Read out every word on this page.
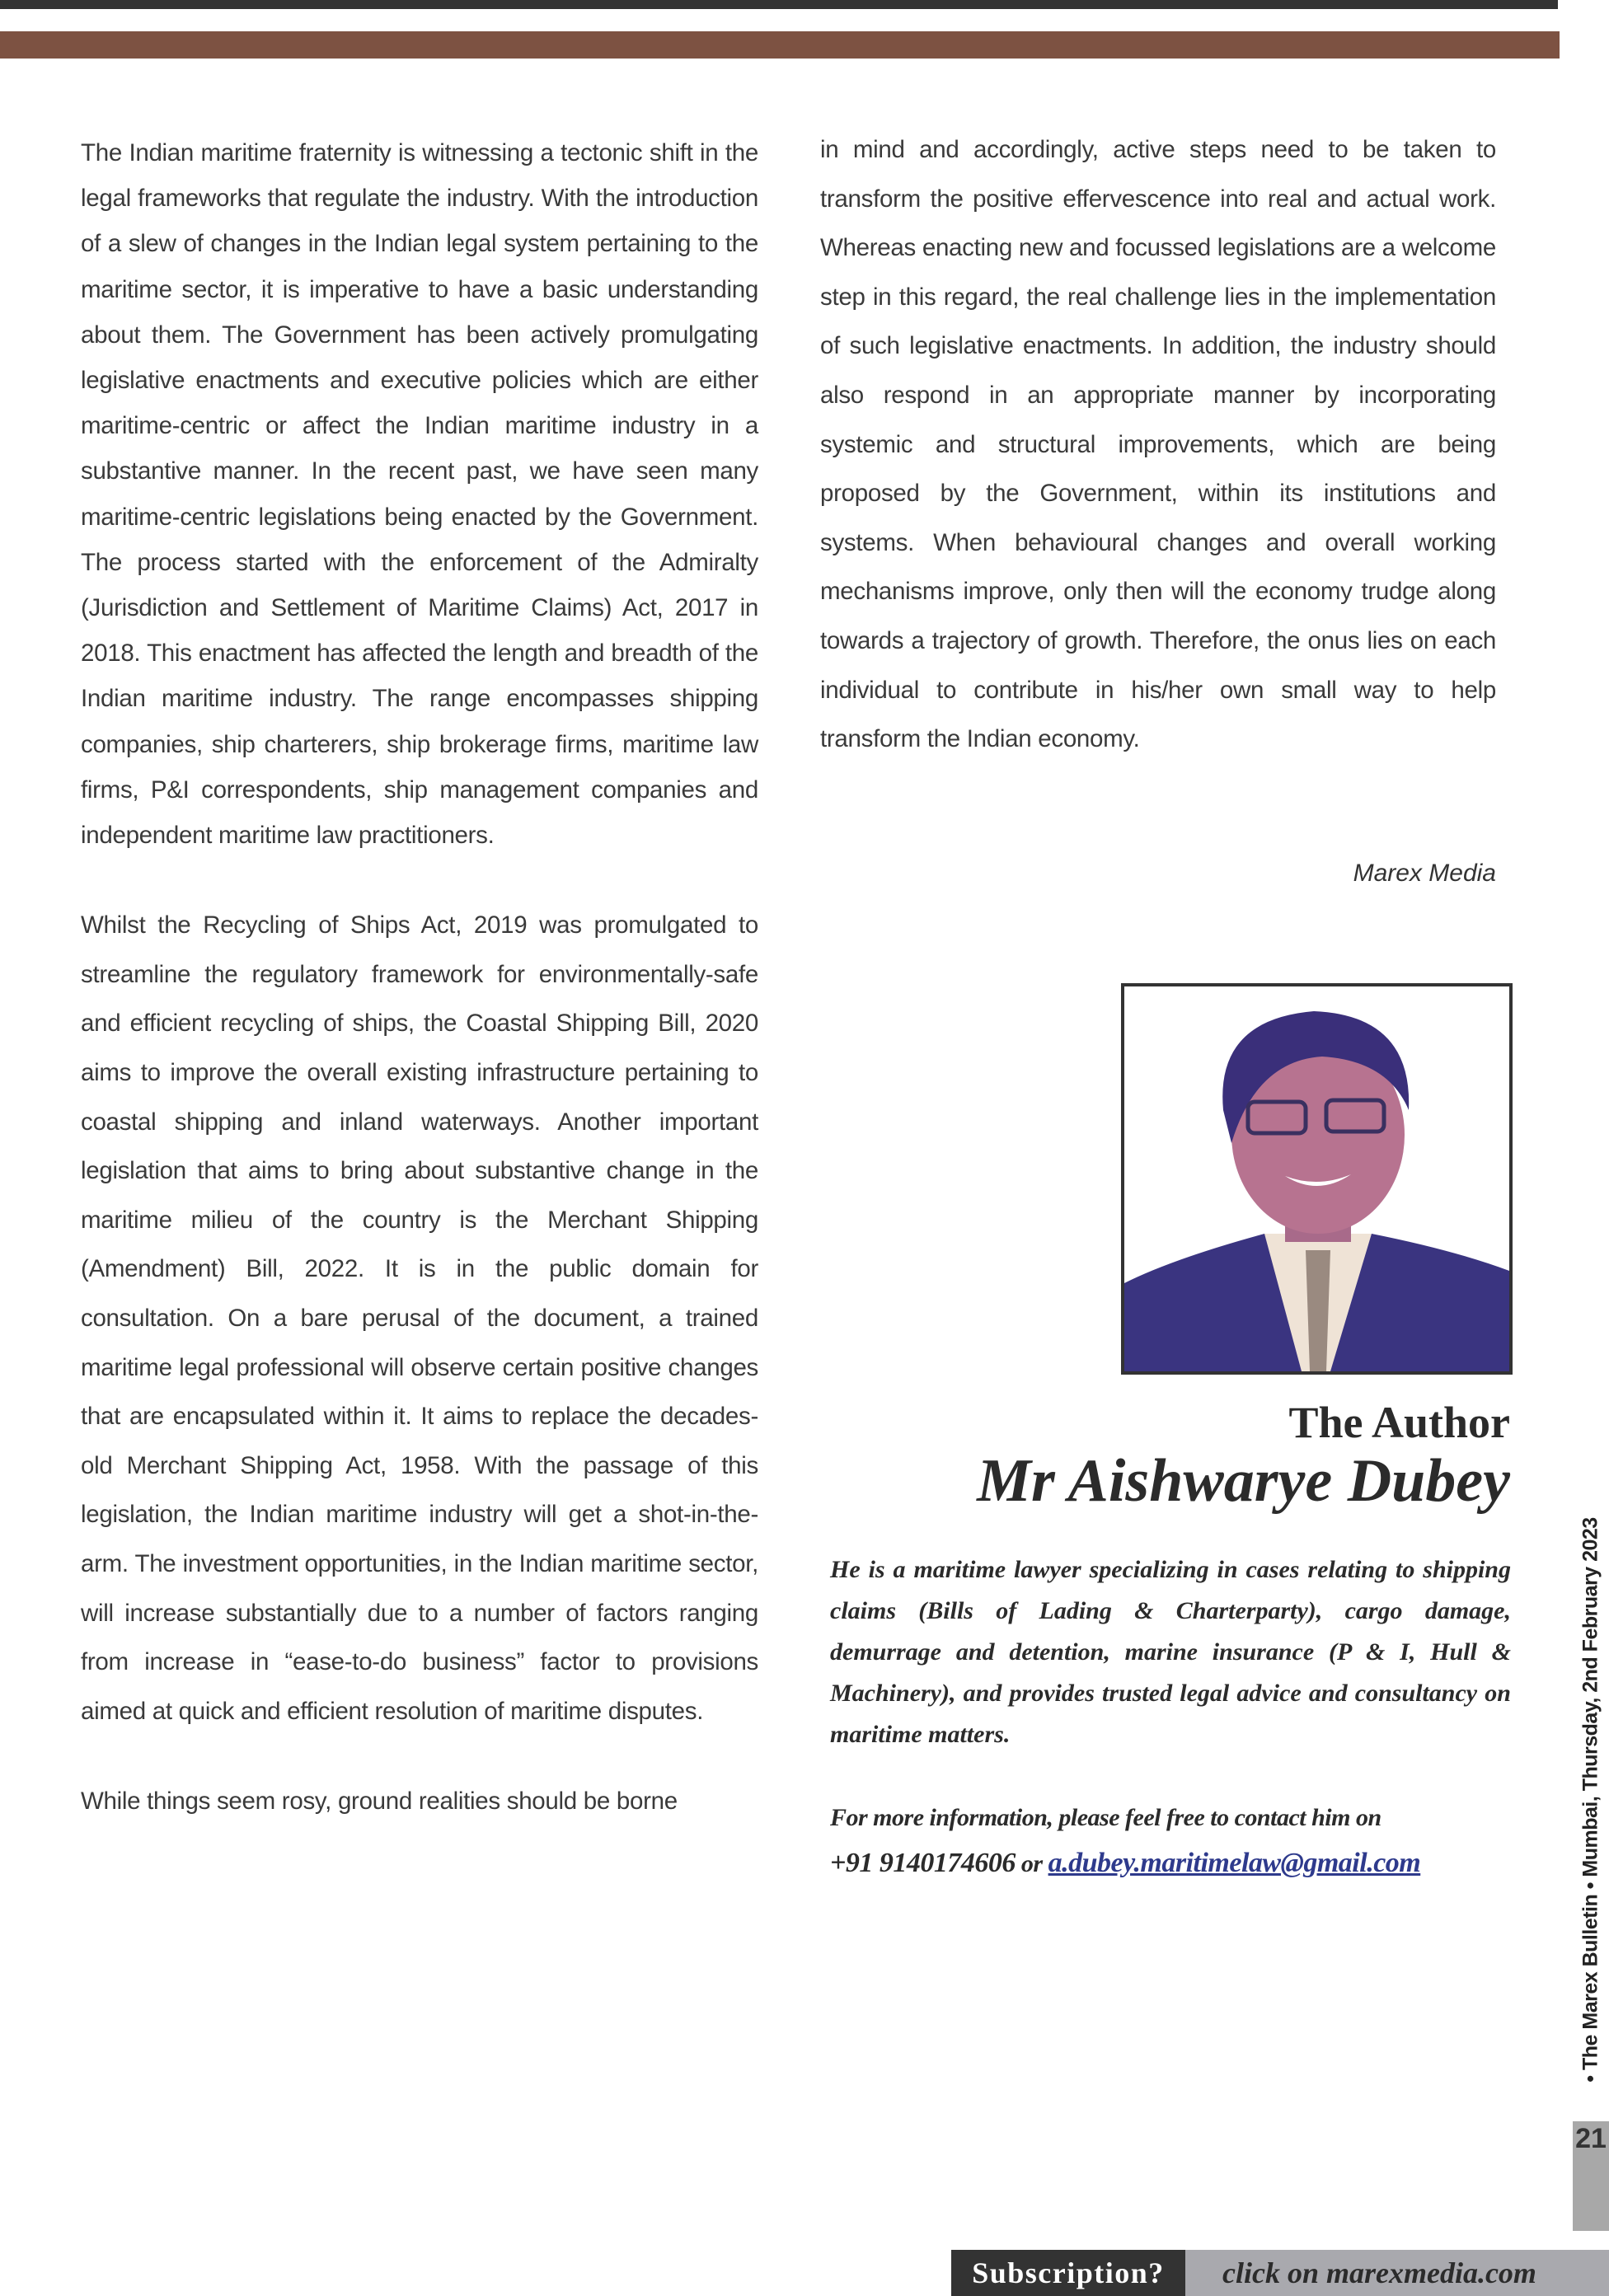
The Indian maritime fraternity is witnessing a tectonic shift in the legal frameworks that regulate the industry. With the introduction of a slew of changes in the Indian legal system pertaining to the maritime sector, it is imperative to have a basic understanding about them. The Government has been actively promulgating legislative enactments and executive policies which are either maritime-centric or affect the Indian maritime industry in a substantive manner. In the recent past, we have seen many maritime-centric legislations being enacted by the Government. The process started with the enforcement of the Admiralty (Jurisdiction and Settlement of Maritime Claims) Act, 2017 in 2018. This enactment has affected the length and breadth of the Indian maritime industry. The range encompasses shipping companies, ship charterers, ship brokerage firms, maritime law firms, P&I correspondents, ship management companies and independent maritime law practitioners.

Whilst the Recycling of Ships Act, 2019 was promulgated to streamline the regulatory framework for environmentally-safe and efficient recycling of ships, the Coastal Shipping Bill, 2020 aims to improve the overall existing infrastructure pertaining to coastal shipping and inland waterways. Another important legislation that aims to bring about substantive change in the maritime milieu of the country is the Merchant Shipping (Amendment) Bill, 2022. It is in the public domain for consultation. On a bare perusal of the document, a trained maritime legal professional will observe certain positive changes that are encapsulated within it. It aims to replace the decades-old Merchant Shipping Act, 1958. With the passage of this legislation, the Indian maritime industry will get a shot-in-the-arm. The investment opportunities, in the Indian maritime sector, will increase substantially due to a number of factors ranging from increase in “ease-to-do business” factor to provisions aimed at quick and efficient resolution of maritime disputes.

While things seem rosy, ground realities should be borne

in mind and accordingly, active steps need to be taken to transform the positive effervescence into real and actual work. Whereas enacting new and focussed legislations are a welcome step in this regard, the real challenge lies in the implementation of such legislative enactments. In addition, the industry should also respond in an appropriate manner by incorporating systemic and structural improvements, which are being proposed by the Government, within its institutions and systems. When behavioural changes and overall working mechanisms improve, only then will the economy trudge along towards a trajectory of growth. Therefore, the onus lies on each individual to contribute in his/her own small way to help transform the Indian economy.

Marex Media
The Author
Mr Aishwarye Dubey
He is a maritime lawyer specializing in cases relating to shipping claims (Bills of Lading & Charterparty), cargo damage, demurrage and detention, marine insurance (P & I, Hull & Machinery), and provides trusted legal advice and consultancy on maritime matters.
For more information, please feel free to contact him on
+91 9140174606 or a.dubey.maritimelaw@gmail.com	• The Marex Bulletin • Mumbai, Thursday, 2nd February 2023
21
Subscription?	click on marexmedia.com
